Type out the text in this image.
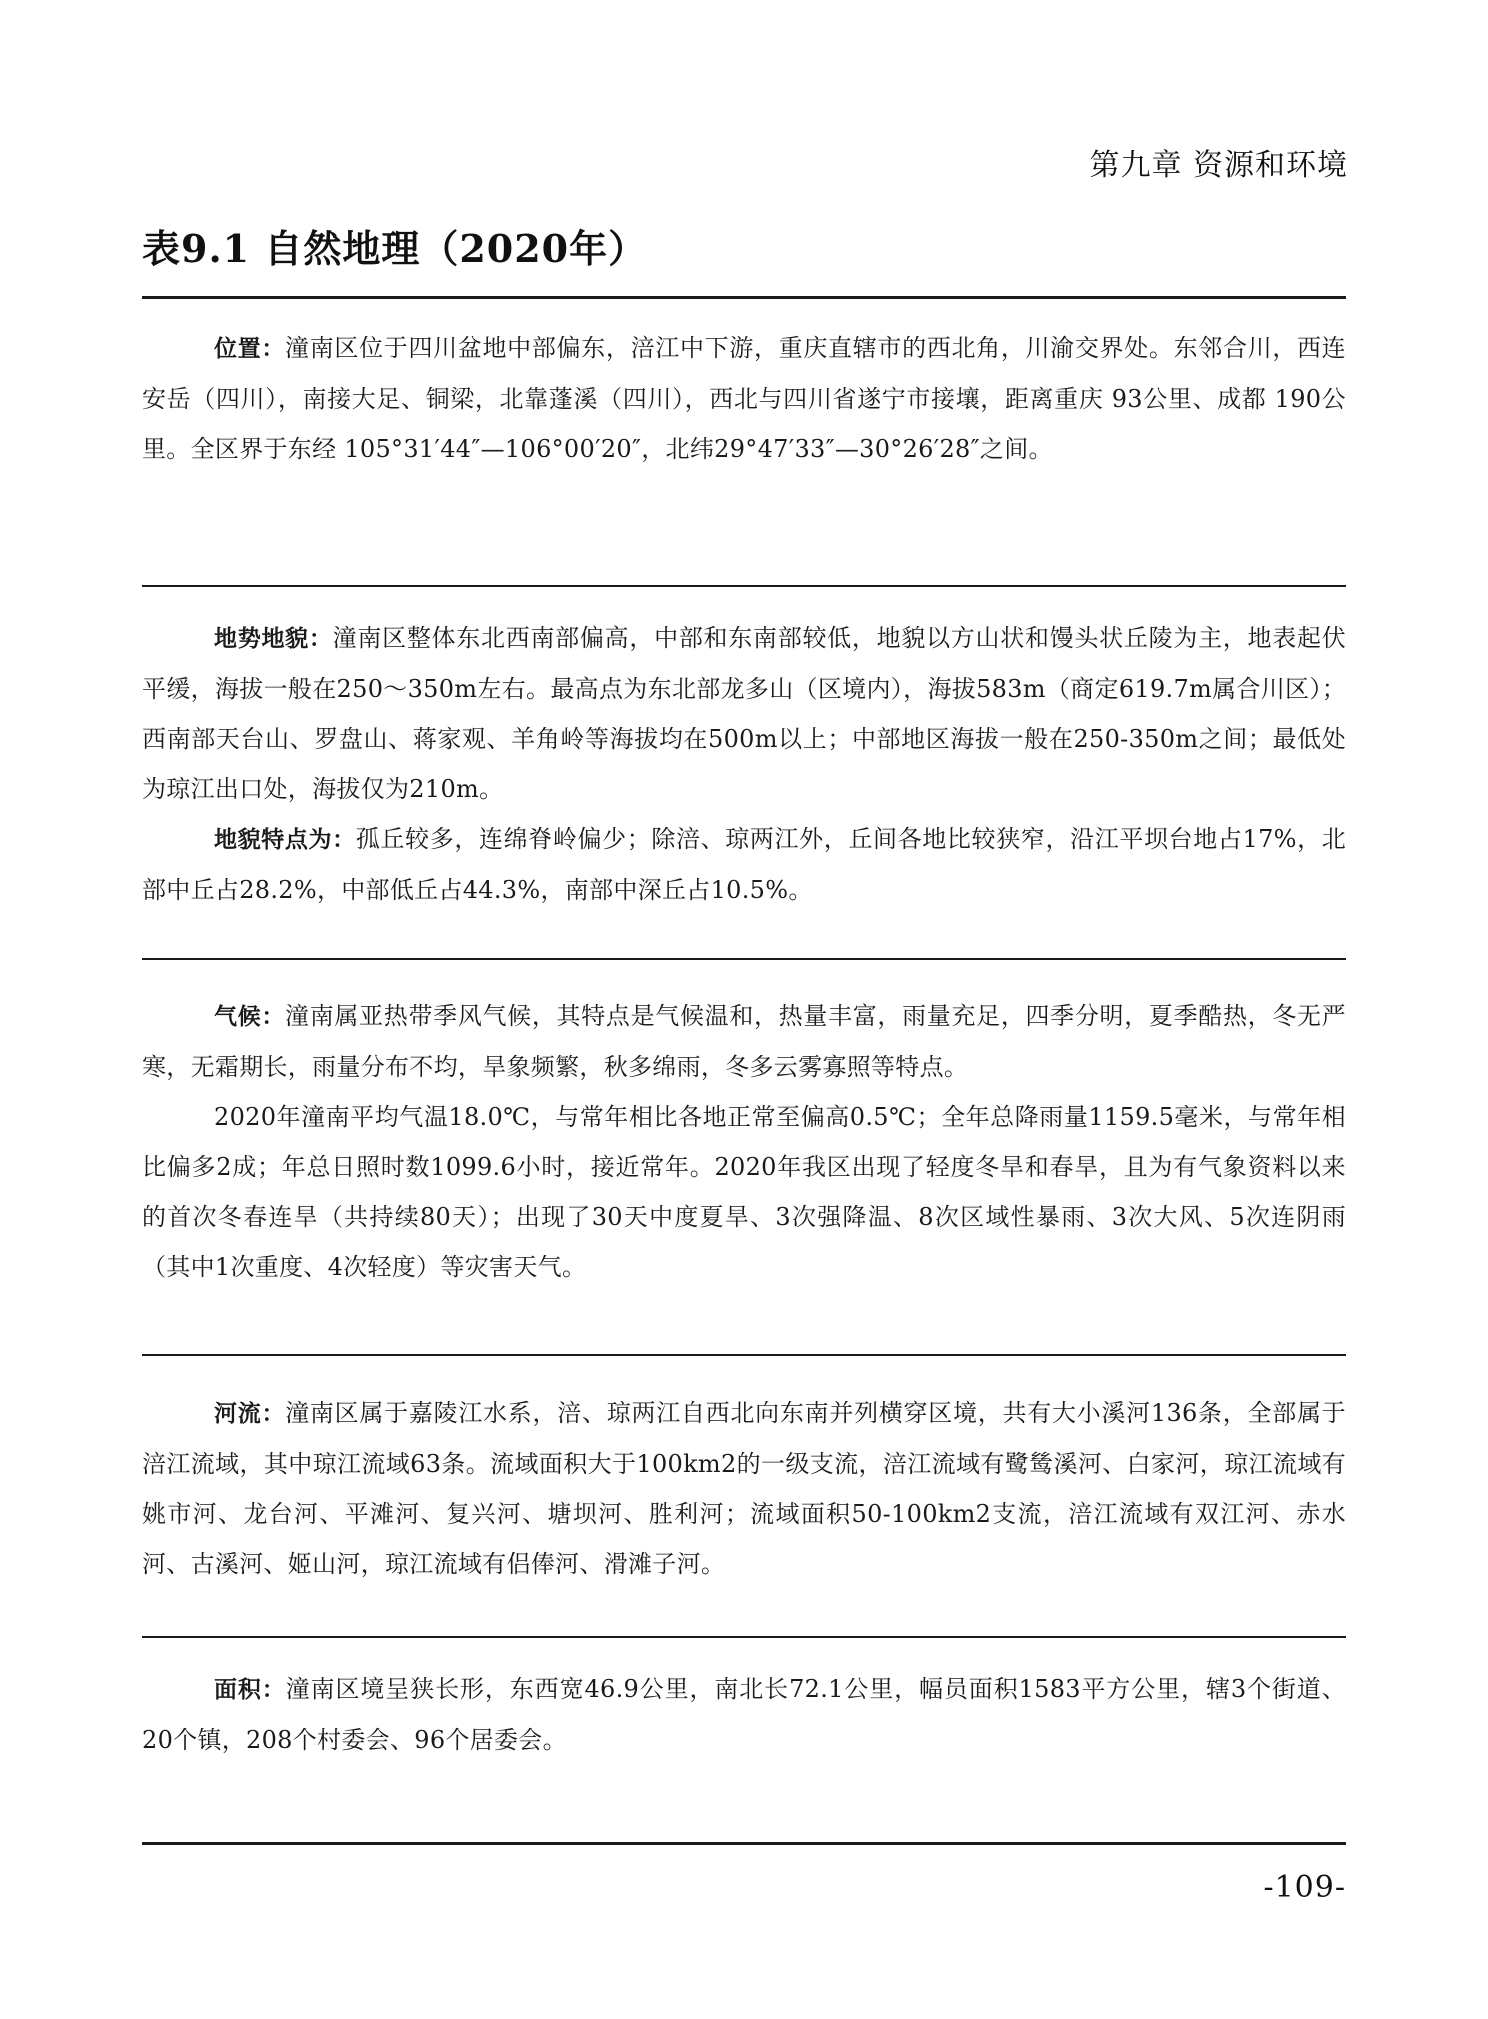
第九章 资源和环境
表9.1 自然地理（2020年）

位置：潼南区位于四川盆地中部偏东，涪江中下游，重庆直辖市的西北角，川渝交界处。东邻合川，西连安岳（四川），南接大足、铜梁，北靠蓬溪（四川），西北与四川省遂宁市接壤，距离重庆 93公里、成都 190公里。全区界于东经 105°31′44″—106°00′20″，北纬29°47′33″—30°26′28″之间。

地势地貌：潼南区整体东北西南部偏高，中部和东南部较低，地貌以方山状和馒头状丘陵为主，地表起伏平缓，海拔一般在250～350m左右。最高点为东北部龙多山（区境内），海拔583m（商定619.7m属合川区）；西南部天台山、罗盘山、蒋家观、羊角岭等海拔均在500m以上；中部地区海拔一般在250-350m之间；最低处为琼江出口处，海拔仅为210m。

地貌特点为：孤丘较多，连绵脊岭偏少；除涪、琼两江外，丘间各地比较狭窄，沿江平坝台地占17%，北部中丘占28.2%，中部低丘占44.3%，南部中深丘占10.5%。

气候：潼南属亚热带季风气候，其特点是气候温和，热量丰富，雨量充足，四季分明，夏季酷热，冬无严寒，无霜期长，雨量分布不均，旱象频繁，秋多绵雨，冬多云雾寡照等特点。

2020年潼南平均气温18.0℃，与常年相比各地正常至偏高0.5℃；全年总降雨量1159.5毫米，与常年相比偏多2成；年总日照时数1099.6小时，接近常年。2020年我区出现了轻度冬旱和春旱，且为有气象资料以来的首次冬春连旱（共持续80天）；出现了30天中度夏旱、3次强降温、8次区域性暴雨、3次大风、5次连阴雨（其中1次重度、4次轻度）等灾害天气。

河流：潼南区属于嘉陵江水系，涪、琼两江自西北向东南并列横穿区境，共有大小溪河136条，全部属于涪江流域，其中琼江流域63条。流域面积大于100km2的一级支流，涪江流域有鹭鸶溪河、白家河，琼江流域有姚市河、龙台河、平滩河、复兴河、塘坝河、胜利河；流域面积50-100km2支流，涪江流域有双江河、赤水河、古溪河、姬山河，琼江流域有侣俸河、滑滩子河。

面积：潼南区境呈狭长形，东西宽46.9公里，南北长72.1公里，幅员面积1583平方公里，辖3个街道、20个镇，208个村委会、96个居委会。

-109-
